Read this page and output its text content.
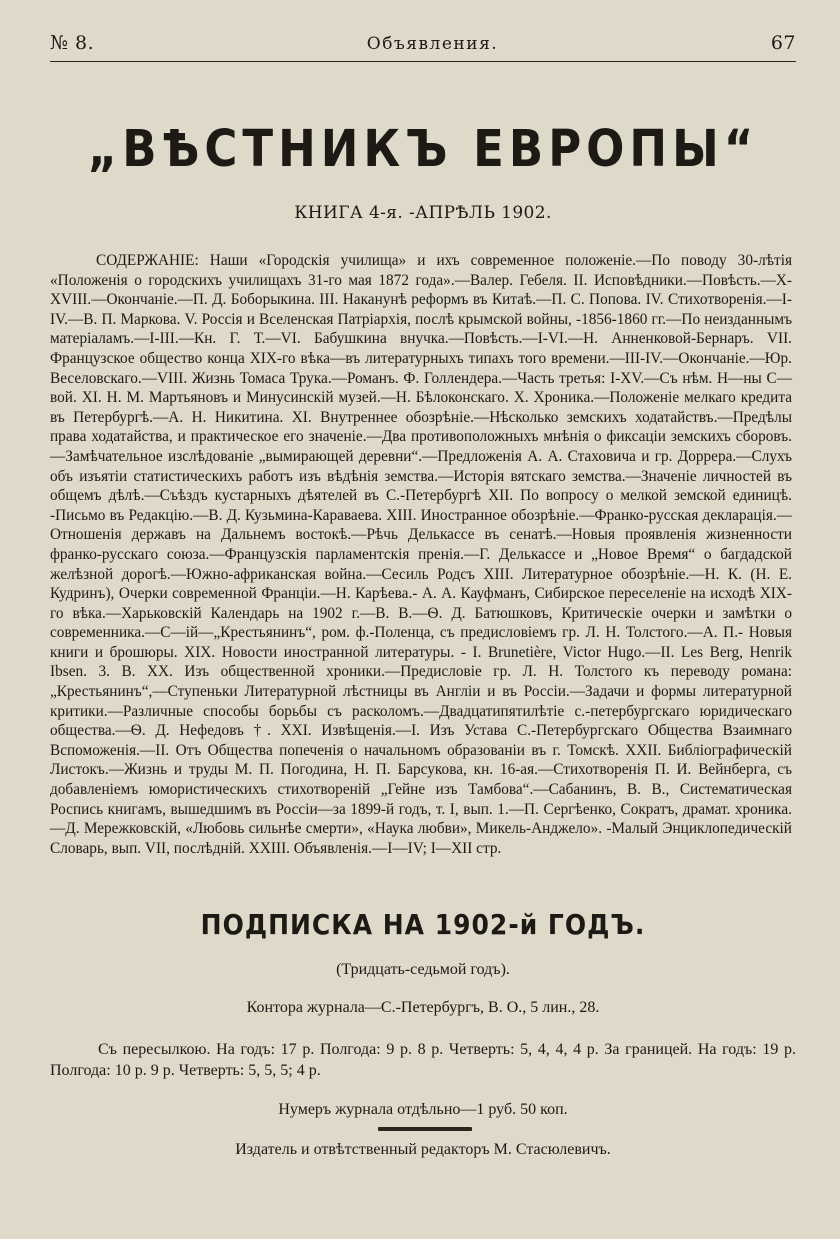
№ 8.	Объявления.	67
„ВѢСТНИКЪ ЕВРОПЫ“
КНИГА 4-я. -АПРѢЛЬ 1902.
СОДЕРЖАНІЕ: Наши «Городскія училища» и ихъ современное положеніе.—По поводу 30-лѣтія «Положенія о городскихъ училищахъ 31-го мая 1872 года».—Валер. Гебеля. II. Исповѣдники.—Повѣсть.—X-XVIII.—Окончаніе.—П. Д. Боборыкина. III. Наканунѣ реформъ въ Китаѣ.—П. С. Попова. IV. Стихотворенія.—I-IV.—В. П. Маркова. V. Россія и Вселенская Патріархія, послѣ крымской войны, -1856-1860 гг.—По неизданнымъ матеріаламъ.—I-III.—Кн. Г. Т.—VI. Бабушкина внучка.—Повѣсть.—I-VI.—Н. Анненковой-Бернаръ. VII. Французское общество конца XIX-го вѣка—въ литературныхъ типахъ того времени.—III-IV.—Окончаніе.—Юр. Веселовскаго.—VIII. Жизнь Томаса Трука.—Романъ. Ф. Голлендера.—Часть третья: I-XV.—Съ нѣм. Н—ны С—вой. XI. Н. М. Мартьяновъ и Минусинскій музей.—Н. Бѣлоконскаго. X. Хроника.—Положеніе мелкаго кредита въ Петербургѣ.—А. Н. Никитина. XI. Внутреннее обозрѣніе.—Нѣсколько земскихъ ходатайствъ.—Предѣлы права ходатайства, и практическое его значеніе.—Два противоположныхъ мнѣнія о фиксаціи земскихъ сборовъ.—Замѣчательное изслѣдованіе „вымирающей деревни“.—Предложенія А. А. Стаховича и гр. Доррера.—Слухъ объ изъятіи статистическихъ работъ изъ вѣдѣнія земства.—Исторія вятскаго земства.—Значеніе личностей въ общемъ дѣлѣ.—Съѣздъ кустарныхъ дѣятелей въ С.-Петербургѣ XII. По вопросу о мелкой земской единицѣ. -Письмо въ Редакцію.—В. Д. Кузьмина-Караваева. XIII. Иностранное обозрѣніе.—Франко-русская декларація.—Отношенія державъ на Дальнемъ востокѣ.—Рѣчь Делькассе въ сенатѣ.—Новыя проявленія жизненности франко-русскаго союза.—Французскія парламентскія пренія.—Г. Делькассе и „Новое Время“ о багдадской желѣзной дорогѣ.—Южно-африканская война.—Сесиль Родсъ XIII. Литературное обозрѣніе.—Н. К. (Н. Е. Кудринъ), Очерки современной Франціи.—Н. Карѣева.- А. А. Кауфманъ, Сибирское переселеніе на исходѣ XIX-го вѣка.—Харьковскій Календарь на 1902 г.—В. В.—Ѳ. Д. Батюшковъ, Критическіе очерки и замѣтки о современника.—С—ій—„Крестьянинъ“, ром. ф.-Поленца, съ предисловіемъ гр. Л. Н. Толстого.—А. П.- Новыя книги и брошюры. XIX. Новости иностранной литературы. - I. Brunetière, Victor Hugo.—II. Les Berg, Henrik Ibsen. 3. В. XX. Изъ общественной хроники.—Предисловіе гр. Л. Н. Толстого къ переводу романа: „Крестьянинъ“,—Ступеньки Литературной лѣстницы въ Англіи и въ Россіи.—Задачи и формы литературной критики.—Различные способы борьбы съ расколомъ.—Двадцатипятилѣтіе с.-петербургскаго юридическаго общества.—Ѳ. Д. Нефедовъ †. XXI. Извѣщенія.—I. Изъ Устава С.-Петербургскаго Общества Взаимнаго Вспоможенія.—II. Отъ Общества попеченія о начальномъ образованіи въ г. Томскѣ. XXII. Библіографическій Листокъ.—Жизнь и труды М. П. Погодина, Н. П. Барсукова, кн. 16-ая.—Стихотворенія П. И. Вейнберга, съ добавленіемъ юмористическихъ стихотвореній „Гейне изъ Тамбова“.—Сабанинъ, В. В., Систематическая Роспись книгамъ, вышедшимъ въ Россіи—за 1899-й годъ, т. I, вып. 1.—П. Сергѣенко, Сократъ, драмат. хроника.—Д. Мережковскій, «Любовь сильнѣе смерти», «Наука любви», Микель-Анджело». -Малый Энциклопедическій Словарь, вып. VII, послѣдній. XXIII. Объявленія.—I—IV; I—XII стр.
ПОДПИСКА НА 1902-й ГОДЪ.
(Тридцать-седьмой годъ).
Контора журнала—С.-Петербургъ, В. О., 5 лин., 28.
Съ пересылкою. На годъ: 17 р. Полгода: 9 р. 8 р. Четверть: 5, 4, 4, 4 р. За границей. На годъ: 19 р. Полгода: 10 р. 9 р. Четверть: 5, 5, 5; 4 р.
Нумеръ журнала отдѣльно—1 руб. 50 коп.
Издатель и отвѣтственный редакторъ М. Стасюлевичъ.
